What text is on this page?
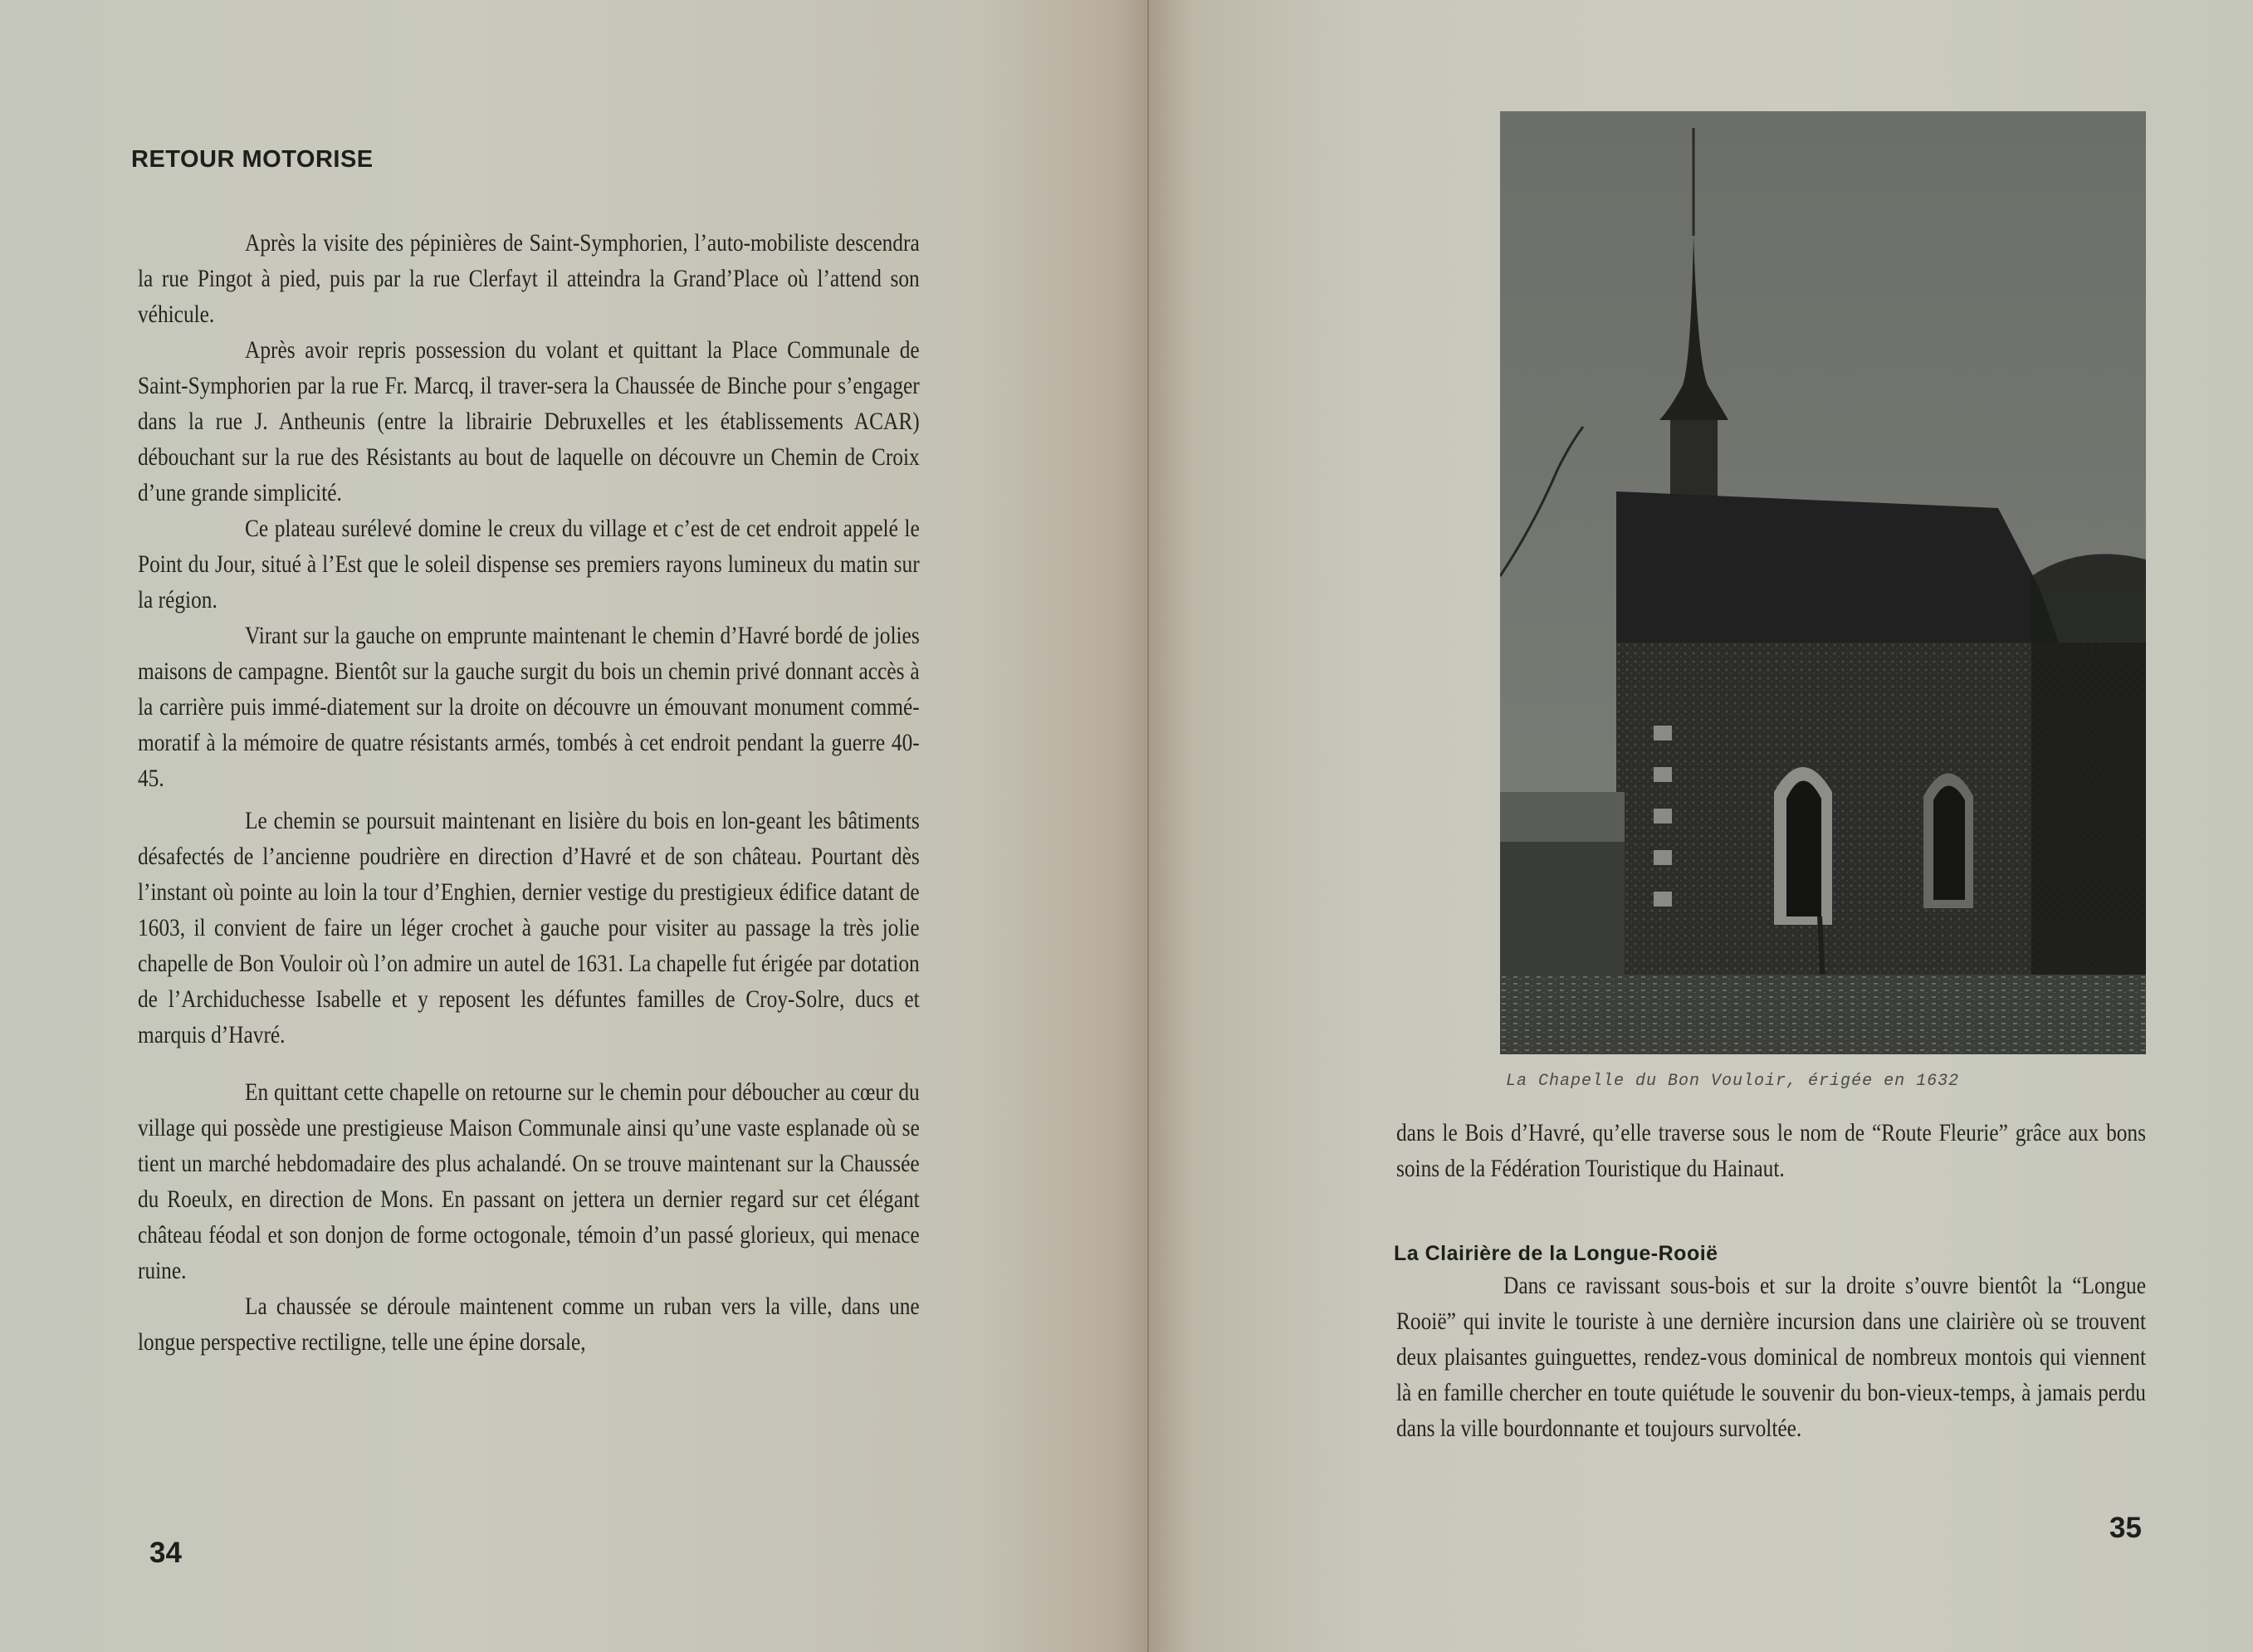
RETOUR MOTORISE

Après la visite des pépinières de Saint-Symphorien, l’auto-mobiliste descendra la rue Pingot à pied, puis par la rue Clerfayt il atteindra la Grand’Place où l’attend son véhicule.

Après avoir repris possession du volant et quittant la Place Communale de Saint-Symphorien par la rue Fr. Marcq, il traver-sera la Chaussée de Binche pour s’engager dans la rue J. Antheunis (entre la librairie Debruxelles et les établissements ACAR) débouchant sur la rue des Résistants au bout de laquelle on découvre un Chemin de Croix d’une grande simplicité.

Ce plateau surélevé domine le creux du village et c’est de cet endroit appelé le Point du Jour, situé à l’Est que le soleil dispense ses premiers rayons lumineux du matin sur la région.

Virant sur la gauche on emprunte maintenant le chemin d’Havré bordé de jolies maisons de campagne. Bientôt sur la gauche surgit du bois un chemin privé donnant accès à la carrière puis immé-diatement sur la droite on découvre un émouvant monument commé-moratif à la mémoire de quatre résistants armés, tombés à cet endroit pendant la guerre 40-45.

Le chemin se poursuit maintenant en lisière du bois en lon-geant les bâtiments désafectés de l’ancienne poudrière en direction d’Havré et de son château. Pourtant dès l’instant où pointe au loin la tour d’Enghien, dernier vestige du prestigieux édifice datant de 1603, il convient de faire un léger crochet à gauche pour visiter au passage la très jolie chapelle de Bon Vouloir où l’on admire un autel de 1631. La chapelle fut érigée par dotation de l’Archiduchesse Isabelle et y reposent les défuntes familles de Croy-Solre, ducs et marquis d’Havré.

En quittant cette chapelle on retourne sur le chemin pour déboucher au cœur du village qui possède une prestigieuse Maison Communale ainsi qu’une vaste esplanade où se tient un marché hebdomadaire des plus achalandé. On se trouve maintenant sur la Chaussée du Roeulx, en direction de Mons. En passant on jettera un dernier regard sur cet élégant château féodal et son donjon de forme octogonale, témoin d’un passé glorieux, qui menace ruine.

La chaussée se déroule maintenent comme un ruban vers la ville, dans une longue perspective rectiligne, telle une épine dorsale,

34
La Chapelle du Bon Vouloir, érigée en 1632

dans le Bois d’Havré, qu’elle traverse sous le nom de “Route Fleurie” grâce aux bons soins de la Fédération Touristique du Hainaut.

La Clairière de la Longue-Rooië

Dans ce ravissant sous-bois et sur la droite s’ouvre bientôt la “Longue Rooië” qui invite le touriste à une dernière incursion dans une clairière où se trouvent deux plaisantes guinguettes, rendez-vous dominical de nombreux montois qui viennent là en famille chercher en toute quiétude le souvenir du bon-vieux-temps, à jamais perdu dans la ville bourdonnante et toujours survoltée.

35
